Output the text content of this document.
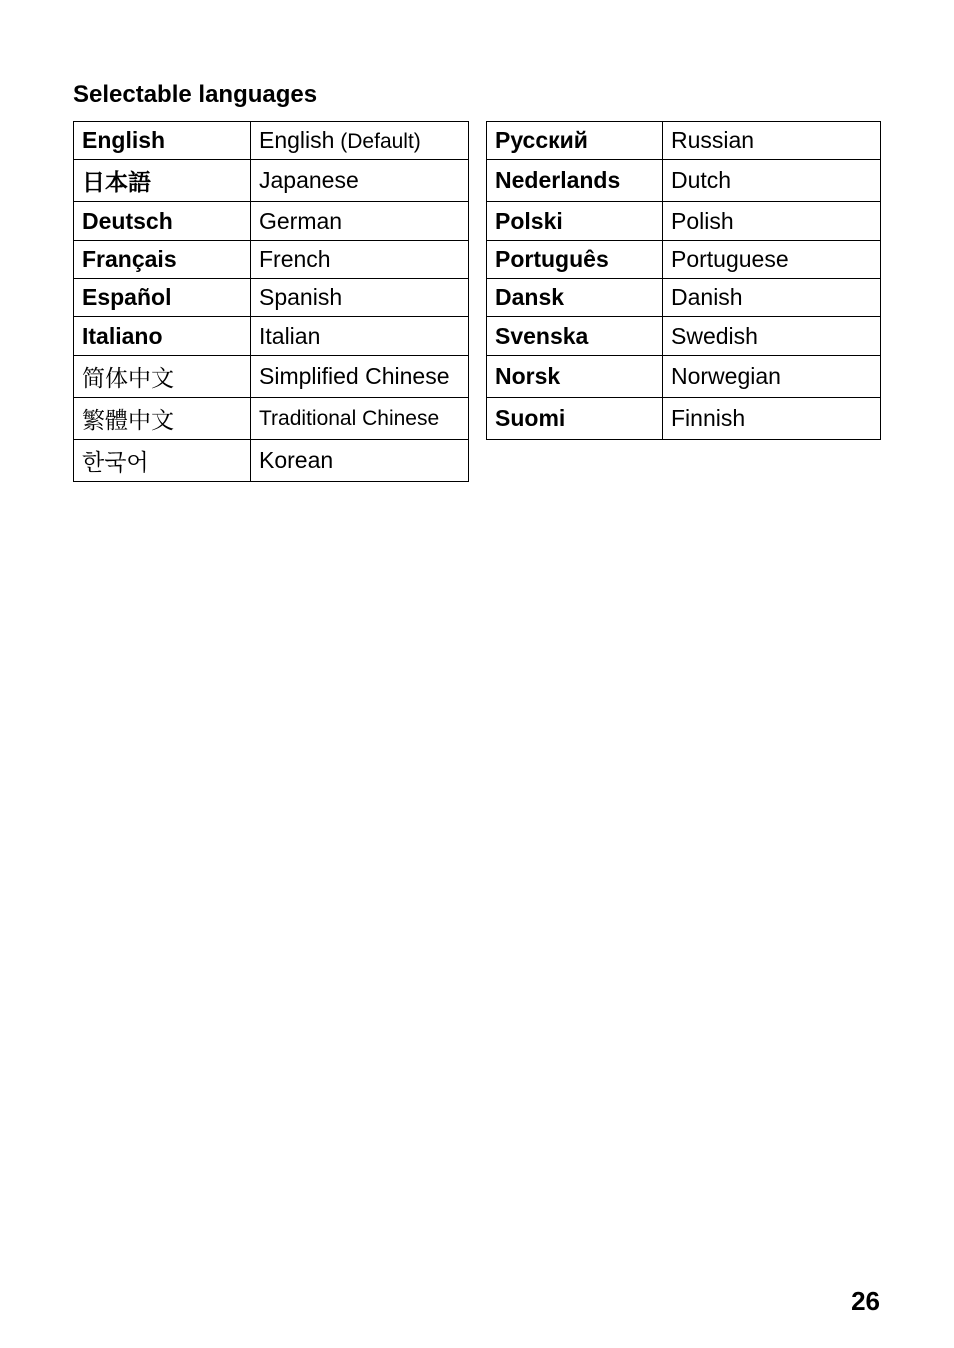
Selectable languages
English	English (Default)
日本語	Japanese
Deutsch	German
Français	French
Español	Spanish
Italiano	Italian
简体中文	Simplified Chinese
繁體中文	Traditional Chinese
한국어	Korean
Русский	Russian
Nederlands	Dutch
Polski	Polish
Português	Portuguese
Dansk	Danish
Svenska	Swedish
Norsk	Norwegian
Suomi	Finnish
26
